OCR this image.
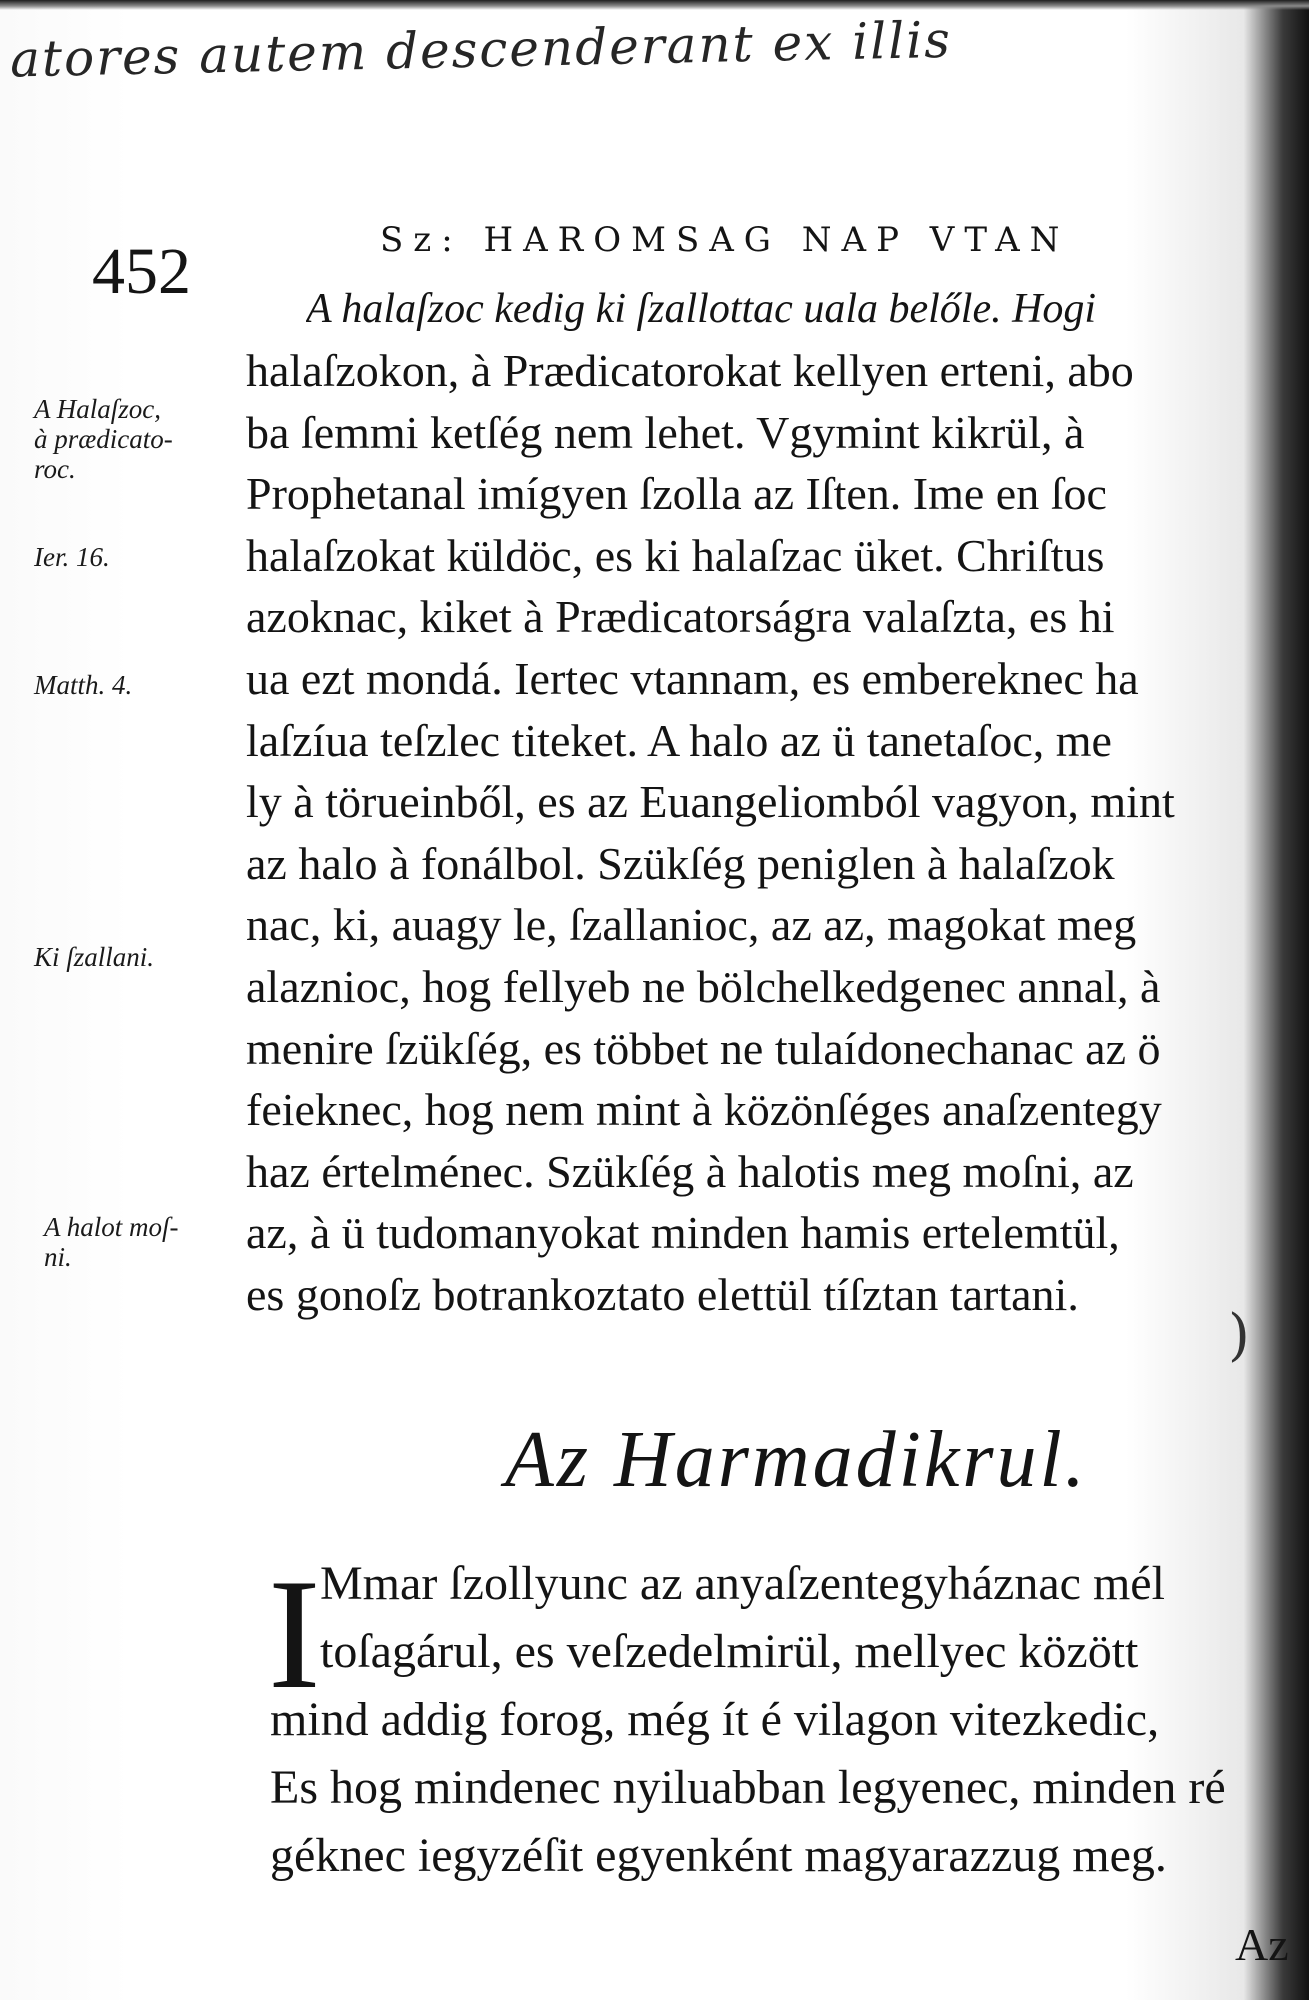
atores autem descenderant ex illis
452	Sz: HAROMSAG NAP VTAN
A halaſzoc kedig ki ſzallottac uala belőle. Hogi
halaſzokon, à Prædicatorokat kellyen erteni, abo
ba ſemmi ketſég nem lehet. Vgymint kikrül, à
Prophetanal imígyen ſzolla az Iſten. Ime en ſoc
halaſzokat küldöc, es ki halaſzac üket. Chriſtus
azoknac, kiket à Prædicatorságra valaſzta, es hi
ua ezt mondá. Iertec vtannam, es embereknec ha
laſzíua teſzlec titeket. A halo az ü tanetaſoc, me
ly à törueinből, es az Euangeliomból vagyon, mint
az halo à fonálbol. Szükſég peniglen à halaſzok
nac, ki, auagy le, ſzallanioc, az az, magokat meg
alaznioc, hog fellyeb ne bölchelkedgenec annal, à
menire ſzükſég, es többet ne tulaídonechanac az ö
feieknec, hog nem mint à közönſéges anaſzentegy
haz értelménec. Szükſég à halotis meg moſni, az
az, à ü tudomanyokat minden hamis ertelemtül,
es gonoſz botrankoztato elettül tíſztan tartani.
)
A Halaſzoc,
à prædicato-
roc.
Ier. 16.
Matth. 4.
Ki ſzallani.
A halot moſ-
ni.
Az Harmadikrul.
I Mmar ſzollyunc az anyaſzentegyháznac mél
toſagárul, es veſzedelmirül, mellyec között
mind addig forog, még ít é vilagon vitezkedic,
Es hog mindenec nyiluabban legyenec, minden ré
géknec iegyzéſit egyenként magyarazzug meg.
Az
